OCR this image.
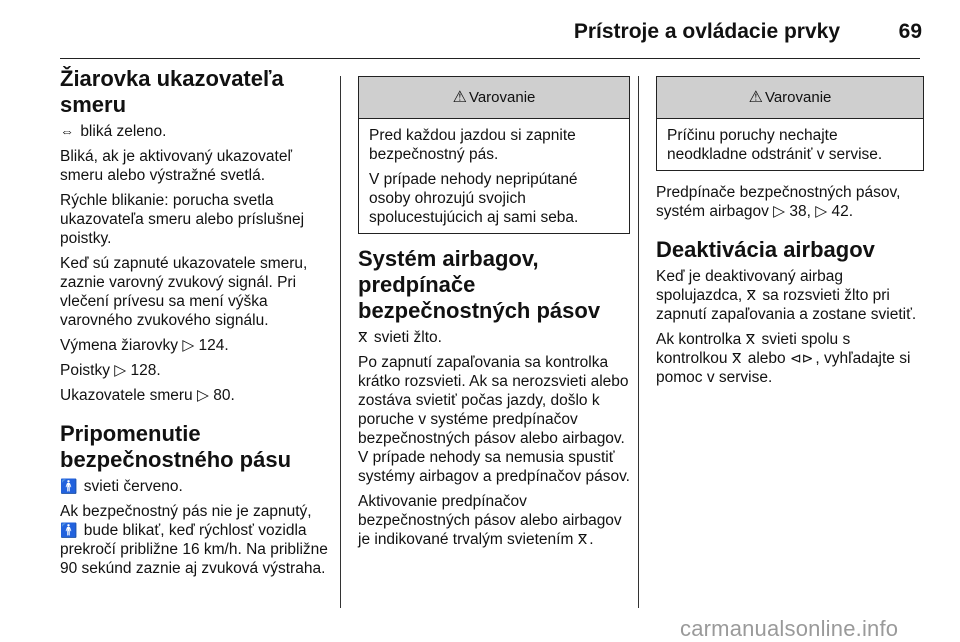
Prístroje a ovládacie prvky	69
Žiarovka ukazovateľa smeru

⇔ bliká zeleno.

Bliká, ak je aktivovaný ukazovateľ smeru alebo výstražné svetlá.

Rýchle blikanie: porucha svetla ukazovateľa smeru alebo príslušnej poistky.

Keď sú zapnuté ukazovatele smeru, zaznie varovný zvukový signál. Pri vlečení prívesu sa mení výška varovného zvukového signálu.

Výmena žiarovky ▷ 124.

Poistky ▷ 128.

Ukazovatele smeru ▷ 80.

Pripomenutie bezpečnostného pásu

🚹 svieti červeno.

Ak bezpečnostný pás nie je zapnutý, 🚹 bude blikať, keď rýchlosť vozidla prekročí približne 16 km/h. Na približne 90 sekúnd zaznie aj zvuková výstraha.

⚠ Varovanie

Pred každou jazdou si zapnite bezpečnostný pás.

V prípade nehody nepripútané osoby ohrozujú svojich spolucestujúcich aj sami seba.

Systém airbagov, predpínače bezpečnostných pásov

ⴳ svieti žlto.

Po zapnutí zapaľovania sa kontrolka krátko rozsvieti. Ak sa nerozsvieti alebo zostáva svietiť počas jazdy, došlo k poruche v systéme predpínačov bezpečnostných pásov alebo airbagov. V prípade nehody sa nemusia spustiť systémy airbagov a predpínačov pásov.

Aktivovanie predpínačov bezpečnostných pásov alebo airbagov je indikované trvalým svietením ⴳ .

⚠ Varovanie

Príčinu poruchy nechajte neodkladne odstrániť v servise.

Predpínače bezpečnostných pásov, systém airbagov ▷ 38, ▷ 42.

Deaktivácia airbagov

Keď je deaktivovaný airbag spolujazdca, ⴳ sa rozsvieti žlto pri zapnutí zapaľovania a zostane svietiť.

Ak kontrolka ⴳ svieti spolu s kontrolkou ⴳ alebo ⊲⊳ , vyhľadajte si pomoc v servise.

carmanualsonline.info
